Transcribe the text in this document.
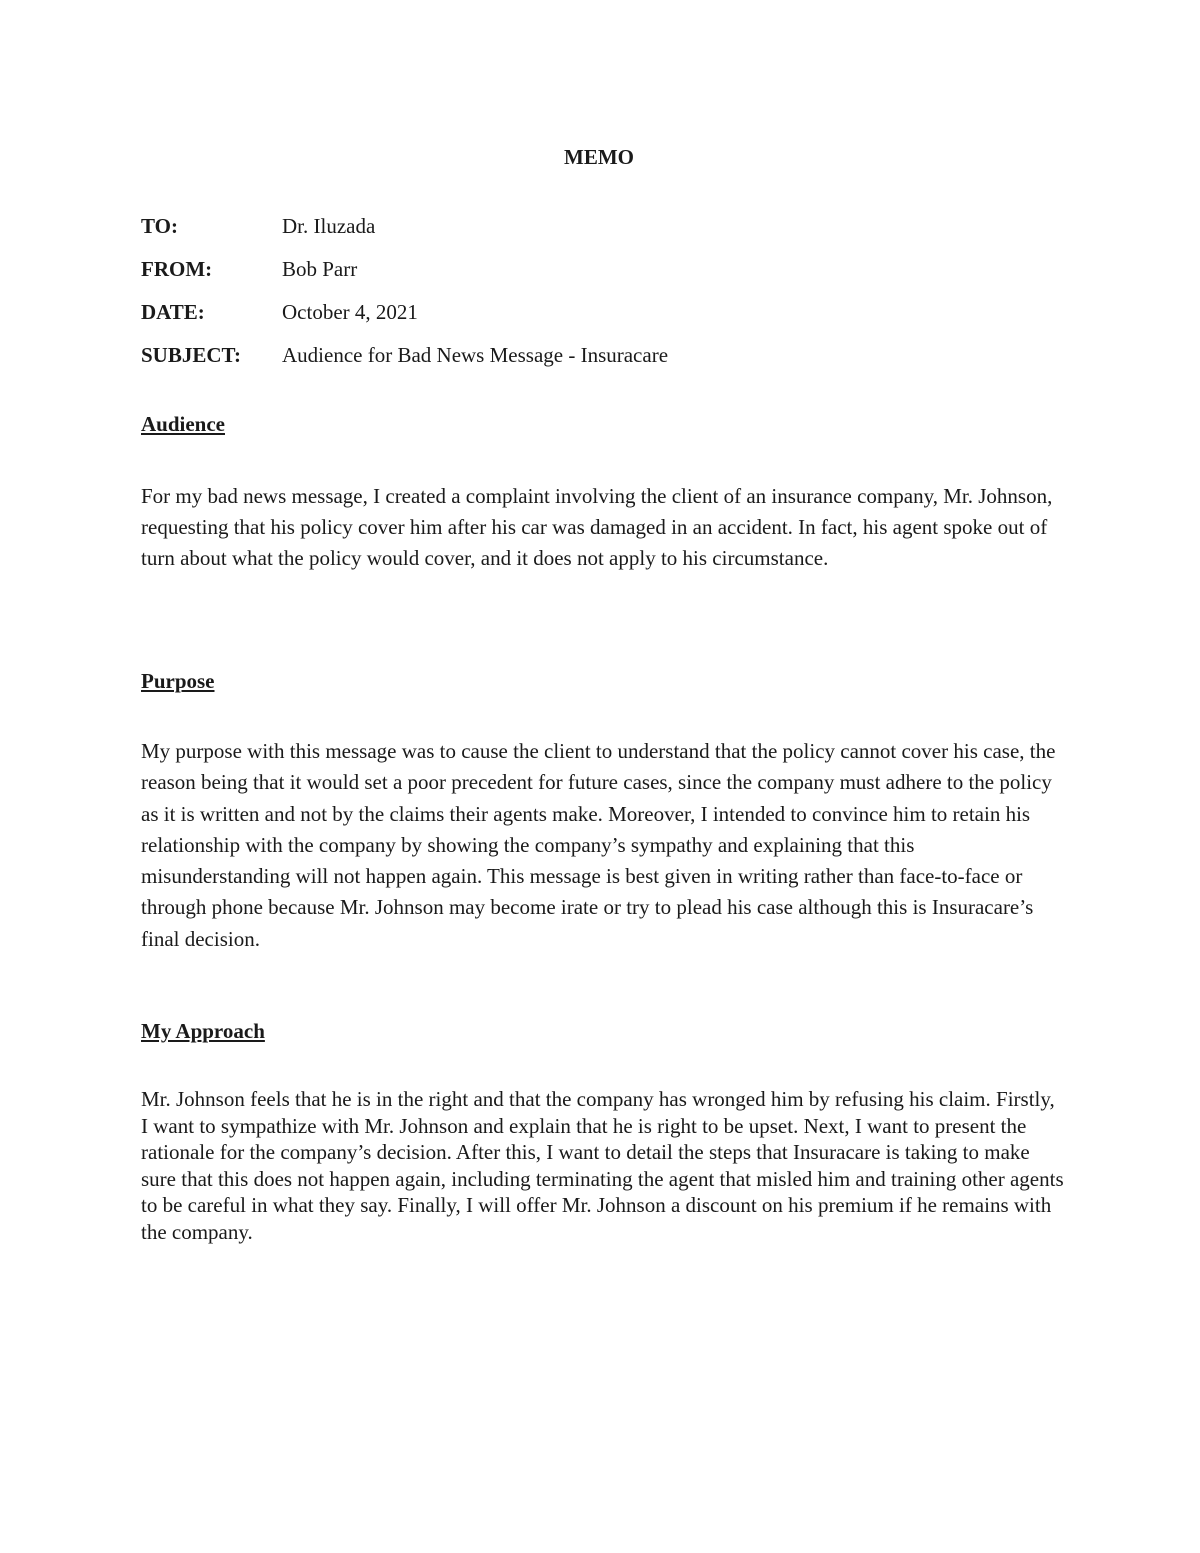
MEMO
TO:	Dr. Iluzada
FROM:	Bob Parr
DATE:	October 4, 2021
SUBJECT: Audience for Bad News Message - Insuracare
Audience

For my bad news message, I created a complaint involving the client of an insurance company, Mr. Johnson, requesting that his policy cover him after his car was damaged in an accident. In fact, his agent spoke out of turn about what the policy would cover, and it does not apply to his circumstance.

Purpose

My purpose with this message was to cause the client to understand that the policy cannot cover his case, the reason being that it would set a poor precedent for future cases, since the company must adhere to the policy as it is written and not by the claims their agents make. Moreover, I intended to convince him to retain his relationship with the company by showing the company’s sympathy and explaining that this misunderstanding will not happen again. This message is best given in writing rather than face-to-face or through phone because Mr. Johnson may become irate or try to plead his case although this is Insuracare’s final decision.

My Approach

Mr. Johnson feels that he is in the right and that the company has wronged him by refusing his claim. Firstly, I want to sympathize with Mr. Johnson and explain that he is right to be upset. Next, I want to present the rationale for the company’s decision. After this, I want to detail the steps that Insuracare is taking to make sure that this does not happen again, including terminating the agent that misled him and training other agents to be careful in what they say. Finally, I will offer Mr. Johnson a discount on his premium if he remains with the company.
